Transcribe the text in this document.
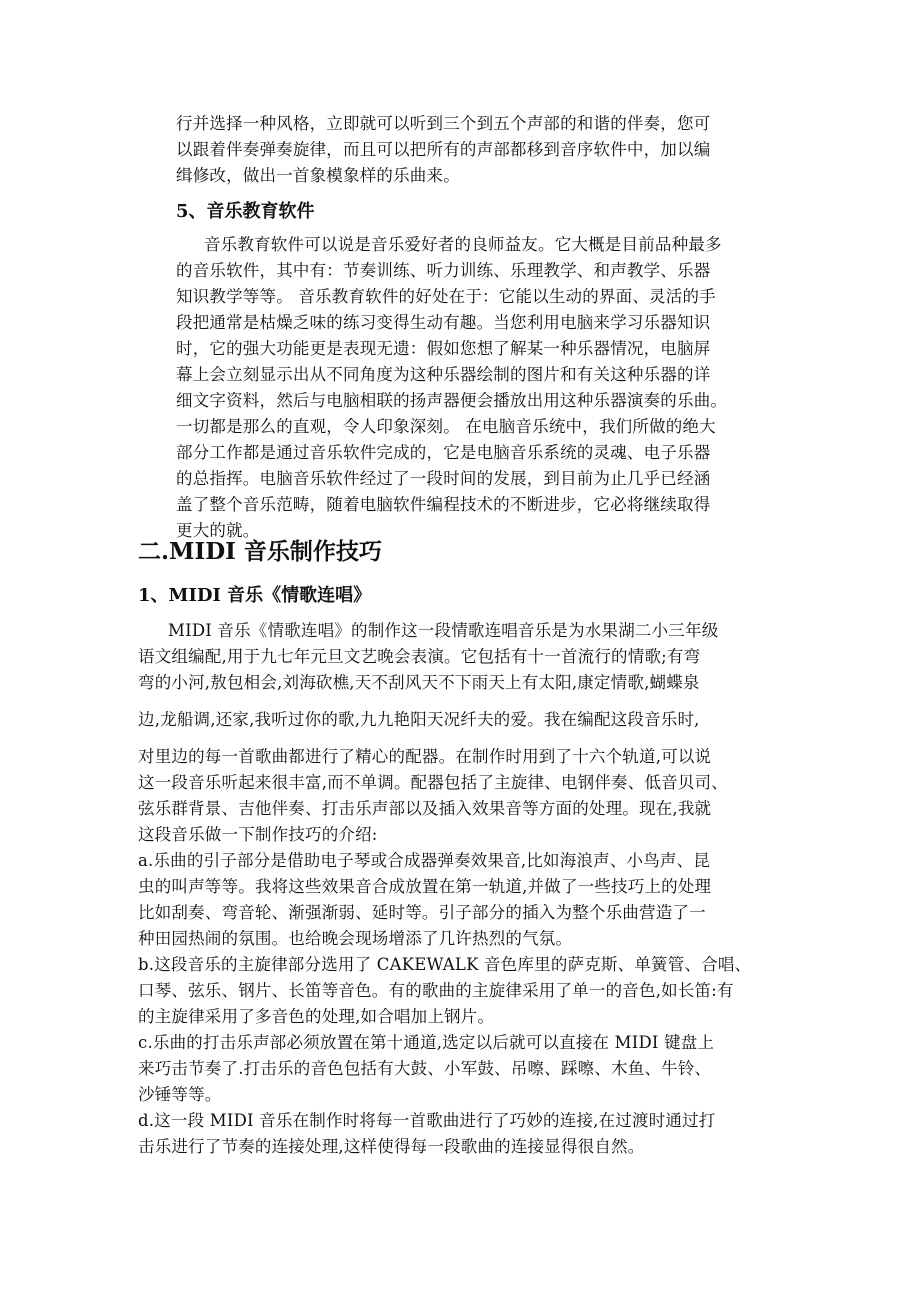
行并选择一种风格，立即就可以听到三个到五个声部的和谐的伴奏，您可
以跟着伴奏弹奏旋律，而且可以把所有的声部都移到音序软件中，加以编
缉修改，做出一首象模象样的乐曲来。
5、音乐教育软件
音乐教育软件可以说是音乐爱好者的良师益友。它大概是目前品种最多
的音乐软件，其中有：节奏训练、听力训练、乐理教学、和声教学、乐器
知识教学等等。 音乐教育软件的好处在于：它能以生动的界面、灵活的手
段把通常是枯燥乏味的练习变得生动有趣。当您利用电脑来学习乐器知识
时，它的强大功能更是表现无遗：假如您想了解某一种乐器情况，电脑屏
幕上会立刻显示出从不同角度为这种乐器绘制的图片和有关这种乐器的详
细文字资料，然后与电脑相联的扬声器便会播放出用这种乐器演奏的乐曲。
一切都是那么的直观，令人印象深刻。 在电脑音乐统中，我们所做的绝大
部分工作都是通过音乐软件完成的，它是电脑音乐系统的灵魂、电子乐器
的总指挥。电脑音乐软件经过了一段时间的发展，到目前为止几乎已经涵
盖了整个音乐范畴，随着电脑软件编程技术的不断进步，它必将继续取得
更大的就。
二.MIDI 音乐制作技巧
1、MIDI 音乐《情歌连唱》
MIDI 音乐《情歌连唱》的制作这一段情歌连唱音乐是为水果湖二小三年级
语文组编配,用于九七年元旦文艺晚会表演。它包括有十一首流行的情歌;有弯
弯的小河,敖包相会,刘海砍樵,天不刮风天不下雨天上有太阳,康定情歌,蝴蝶泉
边,龙船调,还家,我听过你的歌,九九艳阳天况纤夫的爱。我在编配这段音乐时,
对里边的每一首歌曲都进行了精心的配器。在制作时用到了十六个轨道,可以说
这一段音乐听起来很丰富,而不单调。配器包括了主旋律、电钢伴奏、低音贝司、
弦乐群背景、吉他伴奏、打击乐声部以及插入效果音等方面的处理。现在,我就
这段音乐做一下制作技巧的介绍:
a.乐曲的引子部分是借助电子琴或合成器弹奏效果音,比如海浪声、小鸟声、昆
虫的叫声等等。我将这些效果音合成放置在第一轨道,并做了一些技巧上的处理
比如刮奏、弯音轮、渐强渐弱、延时等。引子部分的插入为整个乐曲营造了一
种田园热闹的氛围。也给晚会现场增添了几许热烈的气氛。
b.这段音乐的主旋律部分选用了 CAKEWALK 音色库里的萨克斯、单簧管、合唱、
口琴、弦乐、钢片、长笛等音色。有的歌曲的主旋律采用了单一的音色,如长笛:有
的主旋律采用了多音色的处理,如合唱加上钢片。
c.乐曲的打击乐声部必须放置在第十通道,选定以后就可以直接在 MIDI 键盘上
来巧击节奏了.打击乐的音色包括有大鼓、小军鼓、吊嚓、踩嚓、木鱼、牛铃、
沙锤等等。
d.这一段 MIDI 音乐在制作时将每一首歌曲进行了巧妙的连接,在过渡时通过打
击乐进行了节奏的连接处理,这样使得每一段歌曲的连接显得很自然。
